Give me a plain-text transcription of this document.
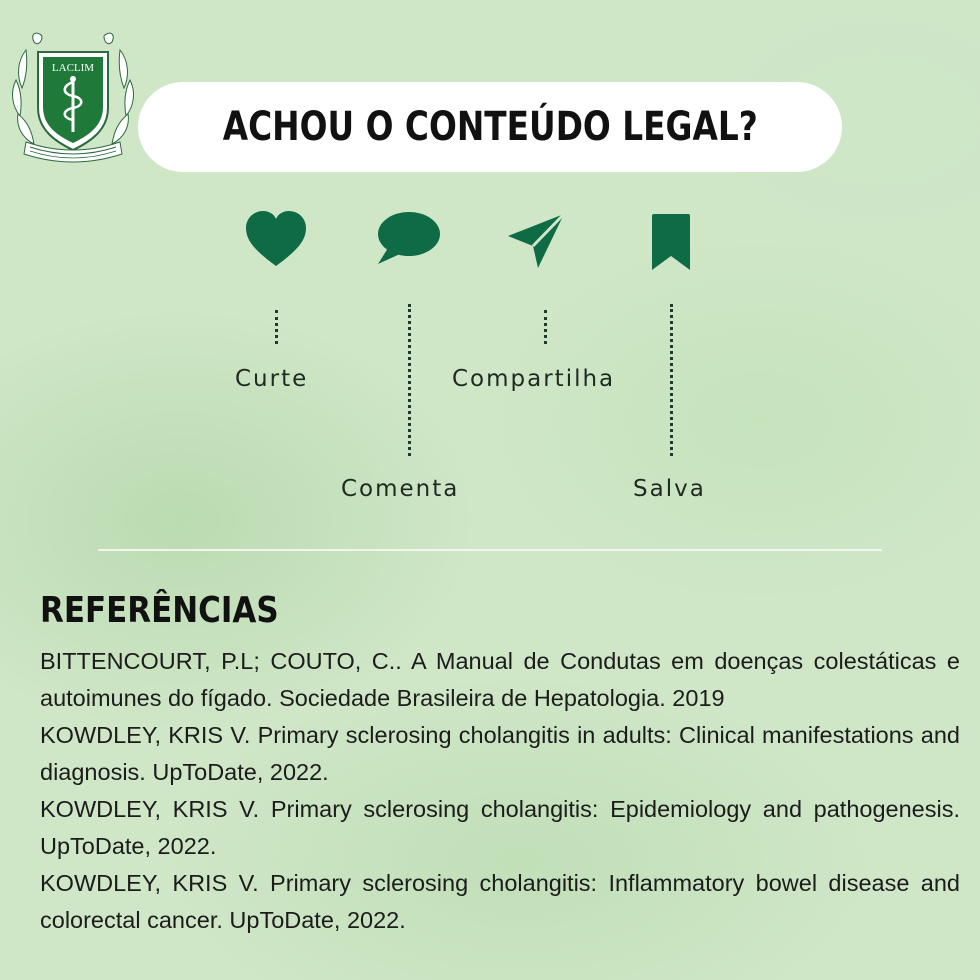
LACLIM
ACHOU O CONTEÚDO LEGAL?
Curte
Comenta
Compartilha
Salva
REFERÊNCIAS

BITTENCOURT, P.L; COUTO, C.. A Manual de Condutas em doenças colestáticas e autoimunes do fígado. Sociedade Brasileira de Hepatologia. 2019

KOWDLEY, KRIS V. Primary sclerosing cholangitis in adults: Clinical manifestations and diagnosis. UpToDate, 2022.

KOWDLEY, KRIS V. Primary sclerosing cholangitis: Epidemiology and pathogenesis. UpToDate, 2022.

KOWDLEY, KRIS V. Primary sclerosing cholangitis: Inflammatory bowel disease and colorectal cancer. UpToDate, 2022.
